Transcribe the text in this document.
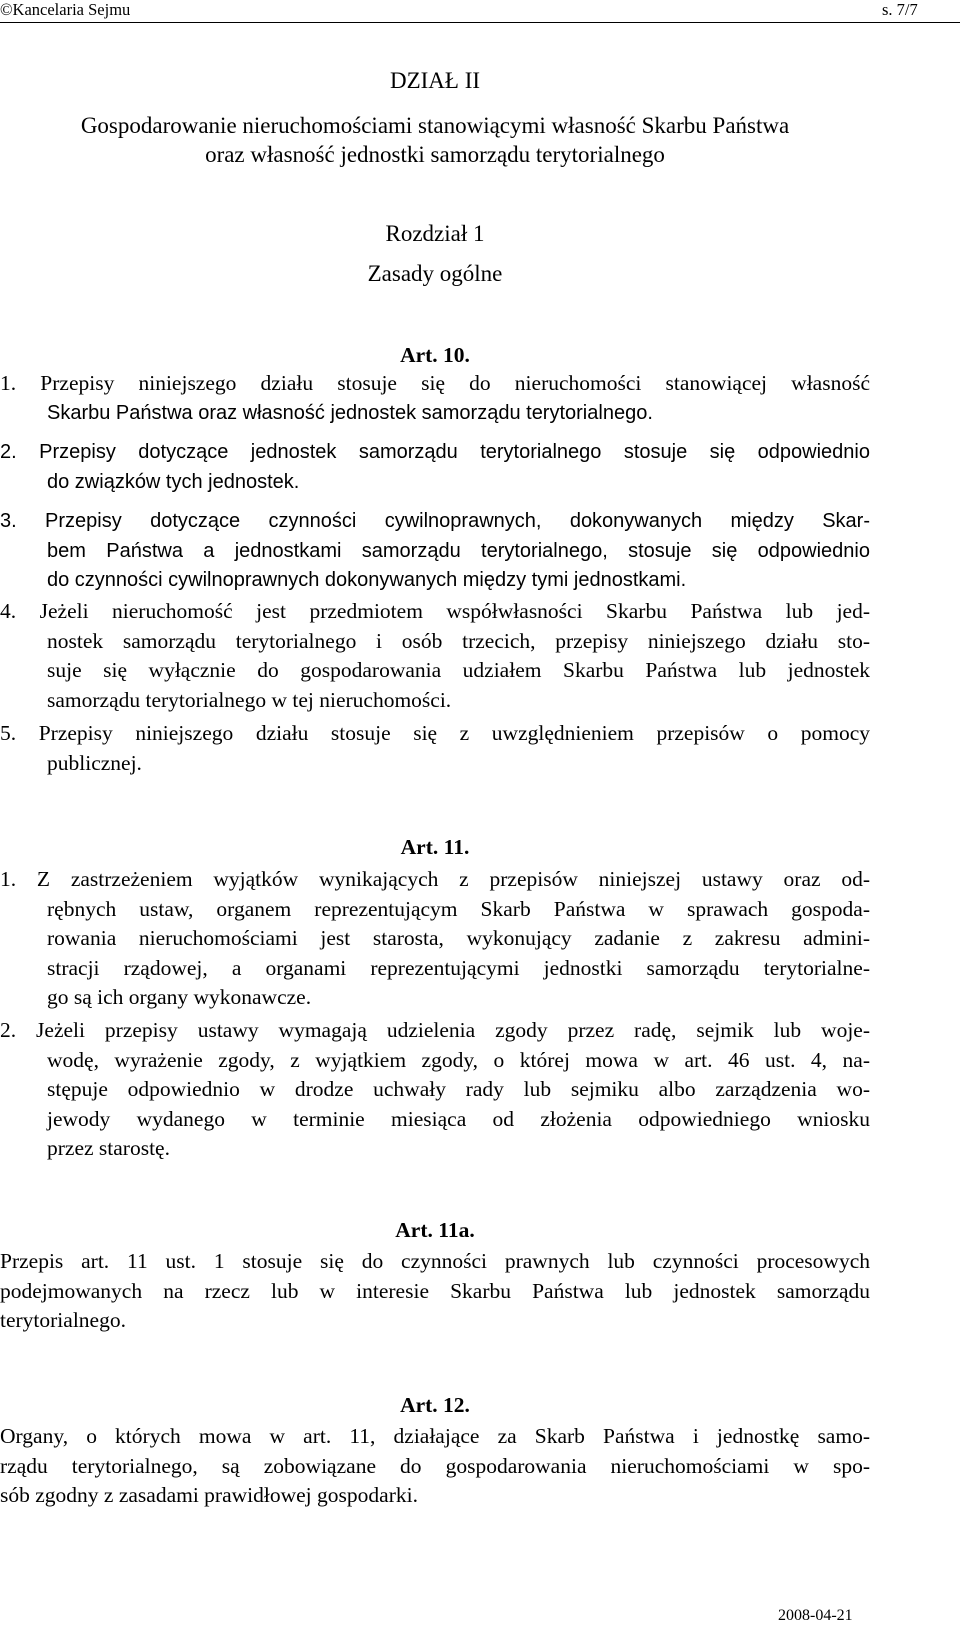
©Kancelaria Sejmu	s. 7/7
DZIAŁ II
Gospodarowanie nieruchomościami stanowiącymi własność Skarbu Państwa
oraz własność jednostki samorządu terytorialnego
Rozdział 1
Zasady ogólne
Art. 10.
1. Przepisy niniejszego działu stosuje się do nieruchomości stanowiącej własność
Skarbu Państwa oraz własność jednostek samorządu terytorialnego.
2. Przepisy dotyczące jednostek samorządu terytorialnego stosuje się odpowiednio
do związków tych jednostek.
3. Przepisy dotyczące czynności cywilnoprawnych, dokonywanych między Skar-
bem Państwa a jednostkami samorządu terytorialnego, stosuje się odpowiednio
do czynności cywilnoprawnych dokonywanych między tymi jednostkami.
4. Jeżeli nieruchomość jest przedmiotem współwłasności Skarbu Państwa lub jed-
nostek samorządu terytorialnego i osób trzecich, przepisy niniejszego działu sto-
suje się wyłącznie do gospodarowania udziałem Skarbu Państwa lub jednostek
samorządu terytorialnego w tej nieruchomości.
5. Przepisy niniejszego działu stosuje się z uwzględnieniem przepisów o pomocy
publicznej.
Art. 11.
1. Z zastrzeżeniem wyjątków wynikających z przepisów niniejszej ustawy oraz od-
rębnych ustaw, organem reprezentującym Skarb Państwa w sprawach gospoda-
rowania nieruchomościami jest starosta, wykonujący zadanie z zakresu admini-
stracji rządowej, a organami reprezentującymi jednostki samorządu terytorialne-
go są ich organy wykonawcze.
2. Jeżeli przepisy ustawy wymagają udzielenia zgody przez radę, sejmik lub woje-
wodę, wyrażenie zgody, z wyjątkiem zgody, o której mowa w art. 46 ust. 4, na-
stępuje odpowiednio w drodze uchwały rady lub sejmiku albo zarządzenia wo-
jewody wydanego w terminie miesiąca od złożenia odpowiedniego wniosku
przez starostę.
Art. 11a.
Przepis art. 11 ust. 1 stosuje się do czynności prawnych lub czynności procesowych
podejmowanych na rzecz lub w interesie Skarbu Państwa lub jednostek samorządu
terytorialnego.
Art. 12.
Organy, o których mowa w art. 11, działające za Skarb Państwa i jednostkę samo-
rządu terytorialnego, są zobowiązane do gospodarowania nieruchomościami w spo-
sób zgodny z zasadami prawidłowej gospodarki.
2008-04-21
